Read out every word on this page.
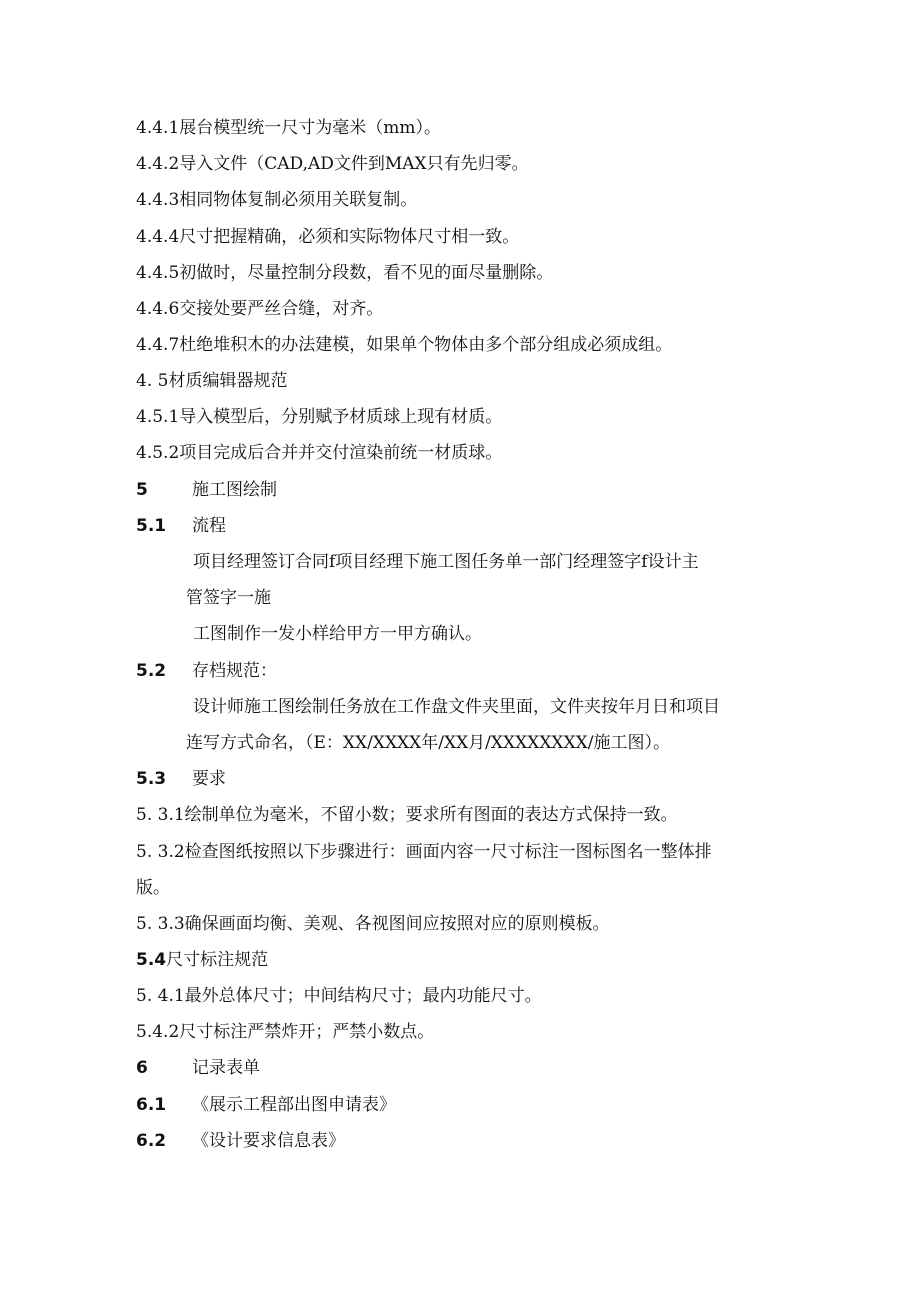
4.4.1展台模型统一尺寸为毫米（mm）。
4.4.2导入文件（CAD,AD文件到MAX只有先归零。
4.4.3相同物体复制必须用关联复制。
4.4.4尺寸把握精确，必须和实际物体尺寸相一致。
4.4.5初做时，尽量控制分段数，看不见的面尽量删除。
4.4.6交接处要严丝合缝，对齐。
4.4.7杜绝堆积木的办法建模，如果单个物体由多个部分组成必须成组。
4. 5材质编辑器规范
4.5.1导入模型后，分别赋予材质球上现有材质。
4.5.2项目完成后合并并交付渲染前统一材质球。
5	施工图绘制
5.1 流程
项目经理签订合同f项目经理下施工图任务单一部门经理签字f设计主
管签字一施
工图制作一发小样给甲方一甲方确认。
5.2 存档规范：
设计师施工图绘制任务放在工作盘文件夹里面，文件夹按年月日和项目
连写方式命名，（E：XX/XXXX年/XX月/XXXXXXXX/施工图）。
5.3 要求
5. 3.1绘制单位为毫米，不留小数；要求所有图面的表达方式保持一致。
5. 3.2检查图纸按照以下步骤进行：画面内容一尺寸标注一图标图名一整体排
版。
5. 3.3确保画面均衡、美观、各视图间应按照对应的原则模板。
5.4尺寸标注规范
5. 4.1最外总体尺寸；中间结构尺寸；最内功能尺寸。
5.4.2尺寸标注严禁炸开；严禁小数点。
6	记录表单
6.1 《展示工程部出图申请表》
6.2 《设计要求信息表》
